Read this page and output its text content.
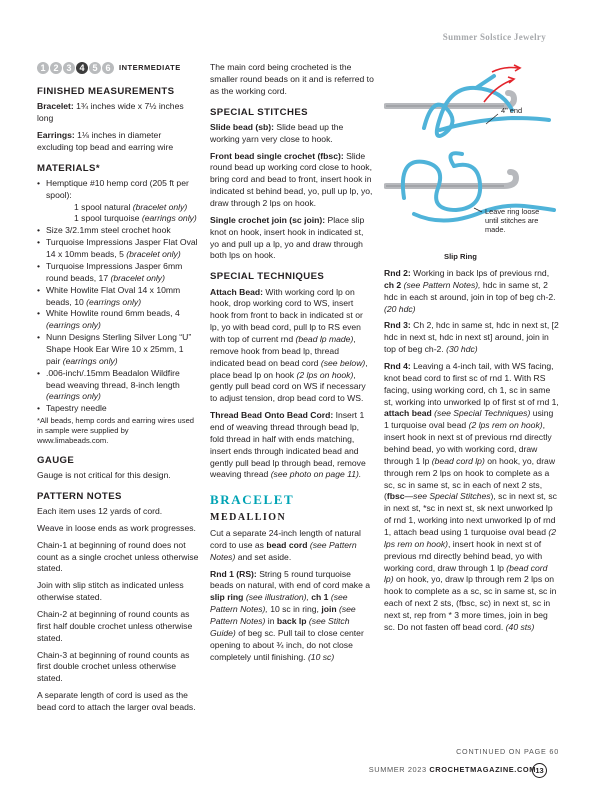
Summer Solstice Jewelry
1 2 3 4 5 6	INTERMEDIATE
FINISHED MEASUREMENTS

Bracelet: 1¾ inches wide x 7½ inches long

Earrings: 1⅛ inches in diameter excluding top bead and earring wire

MATERIALS*
• Hemptique #10 hemp cord (205 ft per spool):
1 spool natural (bracelet only)
1 spool turquoise (earrings only)
• Size 3/2.1mm steel crochet hook
• Turquoise Impressions Jasper Flat Oval 14 x 10mm beads, 5 (bracelet only)
• Turquoise Impressions Jasper 6mm round beads, 17 (bracelet only)
• White Howlite Flat Oval 14 x 10mm beads, 10 (earrings only)
• White Howlite round 6mm beads, 4 (earrings only)
• Nunn Designs Sterling Silver Long “U” Shape Hook Ear Wire 10 x 25mm, 1 pair (earrings only)
• .006-inch/.15mm Beadalon Wildfire bead weaving thread, 8-inch length (earrings only)
• Tapestry needle
*All beads, hemp cords and earring wires used in sample were supplied by www.limabeads.com.
GAUGE

Gauge is not critical for this design.

PATTERN NOTES

Each item uses 12 yards of cord.

Weave in loose ends as work progresses.

Chain-1 at beginning of round does not count as a single crochet unless otherwise stated.

Join with slip stitch as indicated unless otherwise stated.

Chain-2 at beginning of round counts as first half double crochet unless otherwise stated.

Chain-3 at beginning of round counts as first double crochet unless otherwise stated.

A separate length of cord is used as the bead cord to attach the larger oval beads.

The main cord being crocheted is the smaller round beads on it and is referred to as the working cord.

SPECIAL STITCHES

Slide bead (sb): Slide bead up the working yarn very close to hook.

Front bead single crochet (fbsc): Slide round bead up working cord close to hook, bring cord and bead to front, insert hook in indicated st behind bead, yo, pull up lp, yo, draw through 2 lps on hook.

Single crochet join (sc join): Place slip knot on hook, insert hook in indicated st, yo and pull up a lp, yo and draw through both lps on hook.

SPECIAL TECHNIQUES

Attach Bead: With working cord lp on hook, drop working cord to WS, insert hook from front to back in indicated st or lp, yo with bead cord, pull lp to RS even with top of current rnd (bead lp made), remove hook from bead lp, thread indicated bead on bead cord (see below), place bead lp on hook (2 lps on hook), gently pull bead cord on WS if necessary to adjust tension, drop bead cord to WS.

Thread Bead Onto Bead Cord: Insert 1 end of weaving thread through bead lp, fold thread in half with ends matching, insert ends through indicated bead and gently pull bead lp through bead, remove weaving thread (see photo on page 11).

BRACELET
MEDALLION

Cut a separate 24-inch length of natural cord to use as bead cord (see Pattern Notes) and set aside.

Rnd 1 (RS): String 5 round turquoise beads on natural, with end of cord make a slip ring (see illustration), ch 1 (see Pattern Notes), 10 sc in ring, join (see Pattern Notes) in back lp (see Stitch Guide) of beg sc. Pull tail to close center opening to about ¾ inch, do not close completely until finishing. (10 sc)

4" end
Leave ring loose until stitches are made.
Slip Ring

Rnd 2: Working in back lps of previous rnd, ch 2 (see Pattern Notes), hdc in same st, 2 hdc in each st around, join in top of beg ch-2. (20 hdc)

Rnd 3: Ch 2, hdc in same st, hdc in next st, [2 hdc in next st, hdc in next st] around, join in top of beg ch-2. (30 hdc)

Rnd 4: Leaving a 4-inch tail, with WS facing, knot bead cord to first sc of rnd 1. With RS facing, using working cord, ch 1, sc in same st, working into unworked lp of first st of rnd 1, attach bead (see Special Techniques) using 1 turquoise oval bead (2 lps rem on hook), insert hook in next st of previous rnd directly behind bead, yo with working cord, draw through 1 lp (bead cord lp) on hook, yo, draw through rem 2 lps on hook to complete as a sc, sc in same st, sc in each of next 2 sts, (fbsc—see Special Stitches), sc in next st, sc in next st, *sc in next st, sk next unworked lp of rnd 1, working into next unworked lp of rnd 1, attach bead using 1 turquoise oval bead (2 lps rem on hook), insert hook in next st of previous rnd directly behind bead, yo with working cord, draw through 1 lp (bead cord lp) on hook, yo, draw lp through rem 2 lps on hook to complete as a sc, sc in same st, sc in each of next 2 sts, (fbsc, sc) in next st, sc in next st, rep from * 3 more times, join in beg sc. Do not fasten off bead cord. (40 sts)

CONTINUED ON PAGE 60
SUMMER 2023 CROCHETMAGAZINE.COM 13
